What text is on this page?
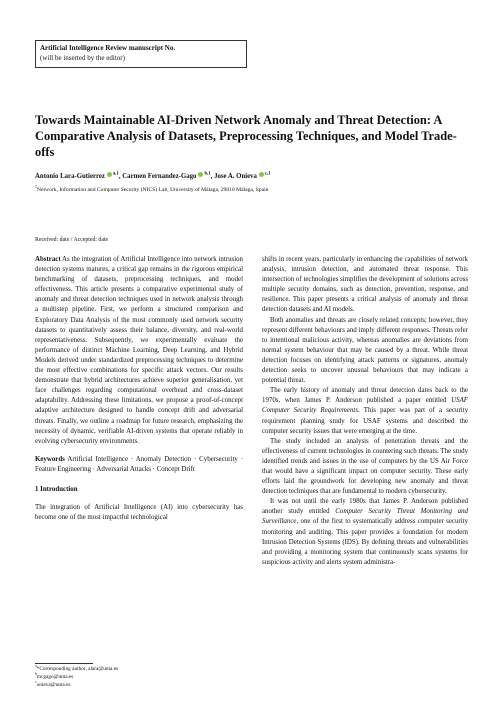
Artificial Intelligence Review manuscript No.
(will be inserted by the editor)
Towards Maintainable AI-Driven Network Anomaly and Threat Detection: A Comparative Analysis of Datasets, Preprocessing Techniques, and Model Trade-offs
Antonio Lara-Gutierrez $^{a,1}$, Carmen Fernandez-Gago $^{b,1}$, Jose A. Onieva $^{c,1}$
$^1$Network, Information and Computer Security (NICS) Lab, University of Málaga, 29010 Málaga, Spain
Received: date / Accepted: date

Abstract As the integration of Artificial Intelligence into network intrusion detection systems matures, a critical gap remains in the rigorous empirical benchmarking of datasets, preprocessing techniques, and model effectiveness. This article presents a comparative experimental study of anomaly and threat detection techniques used in network analysis through a multistep pipeline. First, we perform a structured comparison and Exploratory Data Analysis of the most commonly used network security datasets to quantitatively assess their balance, diversity, and real-world representativeness. Subsequently, we experimentally evaluate the performance of distinct Machine Learning, Deep Learning, and Hybrid Models derived under standardized preprocessing techniques to determine the most effective combinations for specific attack vectors. Our results demonstrate that hybrid architectures achieve superior generalisation, yet face challenges regarding computational overhead and cross-dataset adaptability. Addressing these limitations, we propose a proof-of-concept adaptive architecture designed to handle concept drift and adversarial threats. Finally, we outline a roadmap for future research, emphasizing the necessity of dynamic, verifiable AI-driven systems that operate reliably in evolving cybersecurity environments.

Keywords Artificial Intelligence · Anomaly Detection · Cybersecurity · Feature Engineering · Adversarial Attacks · Concept Drift

1 Introduction

The integration of Artificial Intelligence (AI) into cybersecurity has become one of the most impactful technological

shifts in recent years, particularly in enhancing the capabilities of network analysis, intrusion detection, and automated threat response. This intersection of technologies simplifies the development of solutions across multiple security domains, such as detection, prevention, response, and resilience. This paper presents a critical analysis of anomaly and threat detection datasets and AI models.

Both anomalies and threats are closely related concepts; however, they represent different behaviours and imply different responses. Threats refer to intentional malicious activity, whereas anomalies are deviations from normal system behaviour that may be caused by a threat. While threat detection focuses on identifying attack patterns or signatures, anomaly detection seeks to uncover unusual behaviours that may indicate a potential threat.

The early history of anomaly and threat detection dates back to the 1970s, when James P. Anderson published a paper entitled USAF Computer Security Requirements. This paper was part of a security requirement planning study for USAF systems and described the computer security issues that were emerging at the time.

The study included an analysis of penetration threats and the effectiveness of current technologies in countering such threats. The study identified trends and issues in the use of computers by the US Air Force that would have a significant impact on computer security. These early efforts laid the groundwork for developing new anomaly and threat detection techniques that are fundamental to modern cybersecurity.

It was not until the early 1980s that James P. Anderson published another study entitled Computer Security Threat Monitoring and Surveillance, one of the first to systematically address computer security monitoring and auditing. This paper provides a foundation for modern Intrusion Detection Systems (IDS). By defining threats and vulnerabilities and providing a monitoring system that continuously scans systems for suspicious activity and alerts system administra-

$^a$*Corresponding author, alara@uma.es
$^b$mcgago@uma.es
$^c$onieva@uma.es
